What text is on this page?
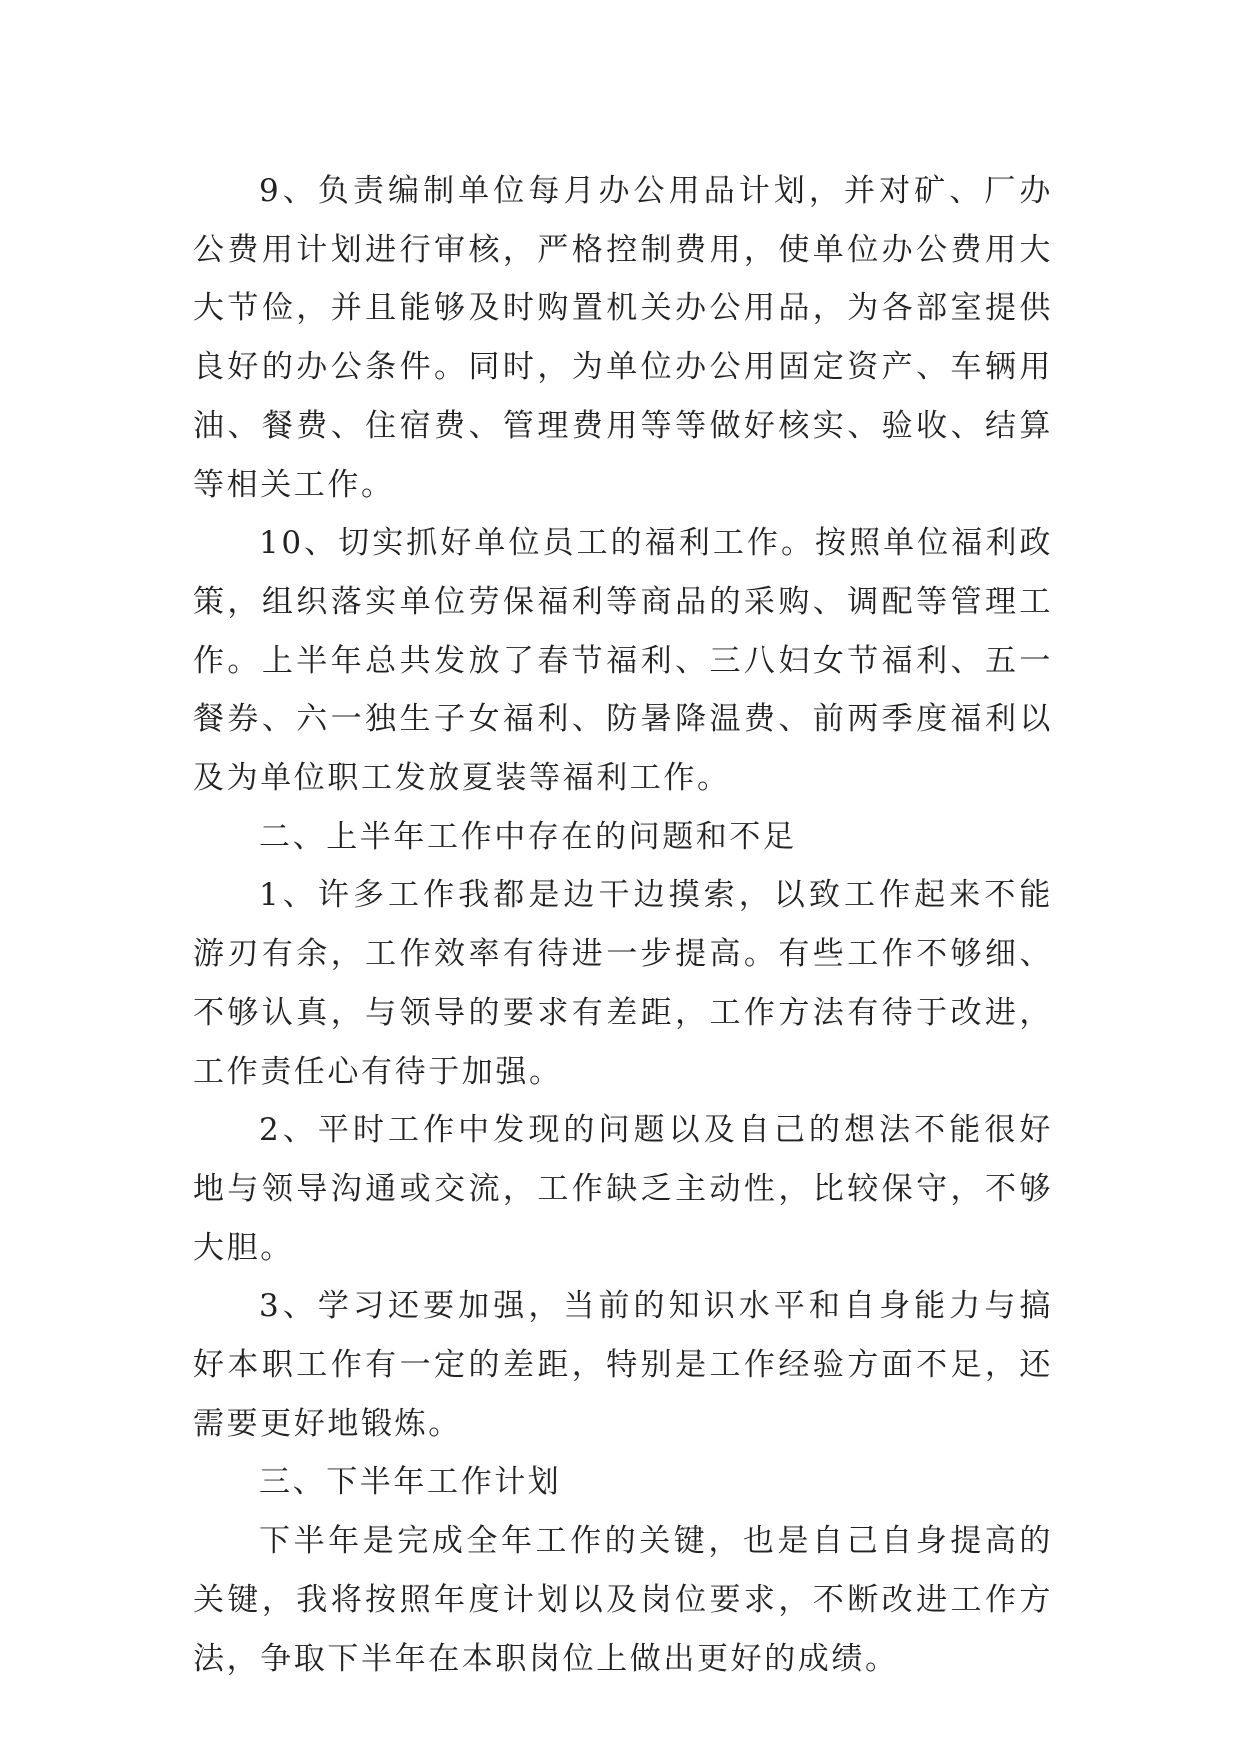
9、负责编制单位每月办公用品计划，并对矿、厂办公费用计划进行审核，严格控制费用，使单位办公费用大大节俭，并且能够及时购置机关办公用品，为各部室提供良好的办公条件。同时，为单位办公用固定资产、车辆用油、餐费、住宿费、管理费用等等做好核实、验收、结算等相关工作。

10、切实抓好单位员工的福利工作。按照单位福利政策，组织落实单位劳保福利等商品的采购、调配等管理工作。上半年总共发放了春节福利、三八妇女节福利、五一餐券、六一独生子女福利、防暑降温费、前两季度福利以及为单位职工发放夏装等福利工作。

二、上半年工作中存在的问题和不足

1、许多工作我都是边干边摸索，以致工作起来不能游刃有余，工作效率有待进一步提高。有些工作不够细、不够认真，与领导的要求有差距，工作方法有待于改进，工作责任心有待于加强。

2、平时工作中发现的问题以及自己的想法不能很好地与领导沟通或交流，工作缺乏主动性，比较保守，不够大胆。

3、学习还要加强，当前的知识水平和自身能力与搞好本职工作有一定的差距，特别是工作经验方面不足，还需要更好地锻炼。

三、下半年工作计划

下半年是完成全年工作的关键，也是自己自身提高的关键，我将按照年度计划以及岗位要求，不断改进工作方法，争取下半年在本职岗位上做出更好的成绩。
